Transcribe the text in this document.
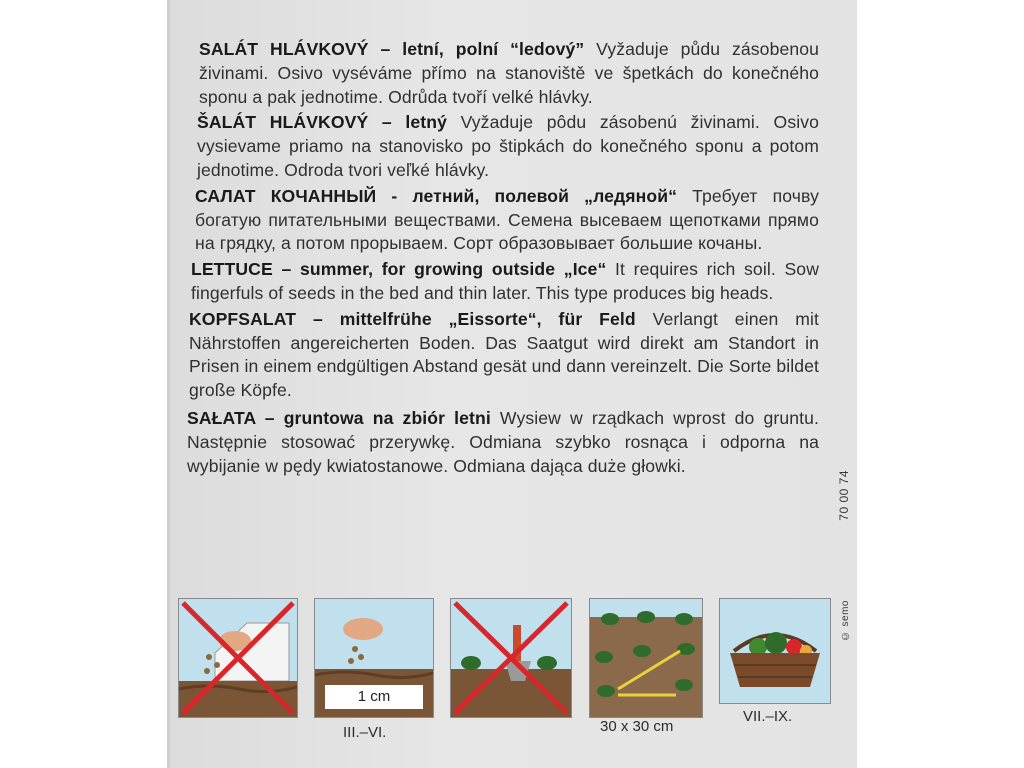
SALÁT HLÁVKOVÝ – letní, polní “ledový” Vyžaduje půdu zásobenou živinami. Osivo vyséváme přímo na stanoviště ve špetkách do konečného sponu a pak jednotime. Odrůda tvoří velké hlávky.

ŠALÁT HLÁVKOVÝ – letný Vyžaduje pôdu zásobenú živinami. Osivo vysievame priamo na stanovisko po štipkách do konečného sponu a potom jednotime. Odroda tvori veľké hlávky.

САЛАТ КОЧАННЫЙ - летний, полевой „ледяной“ Требует почву богатую питательными веществами. Семена высеваем щепотками прямо на грядку, а потом прорываем. Сорт образовывает большие кочаны.

LETTUCE – summer, for growing outside „Ice“ It requires rich soil. Sow fingerfuls of seeds in the bed and thin later. This type produces big heads.

KOPFSALAT – mittelfrühe „Eissorte“, für Feld Verlangt einen mit Nährstoffen angereicherten Boden. Das Saatgut wird direkt am Standort in Prisen in einem endgültigen Abstand gesät und dann vereinzelt. Die Sorte bildet große Köpfe.

SAŁATA – gruntowa na zbiór letni Wysiew w rządkach wprost do gruntu. Następnie stosować przerywkę. Odmiana szybko rosnąca i odporna na wybijanie w pędy kwiatostanowe. Odmiana dająca duże głowki.

70 00 74
© semo
1 cm
III.–VI.	30 x 30 cm
VII.–IX.
